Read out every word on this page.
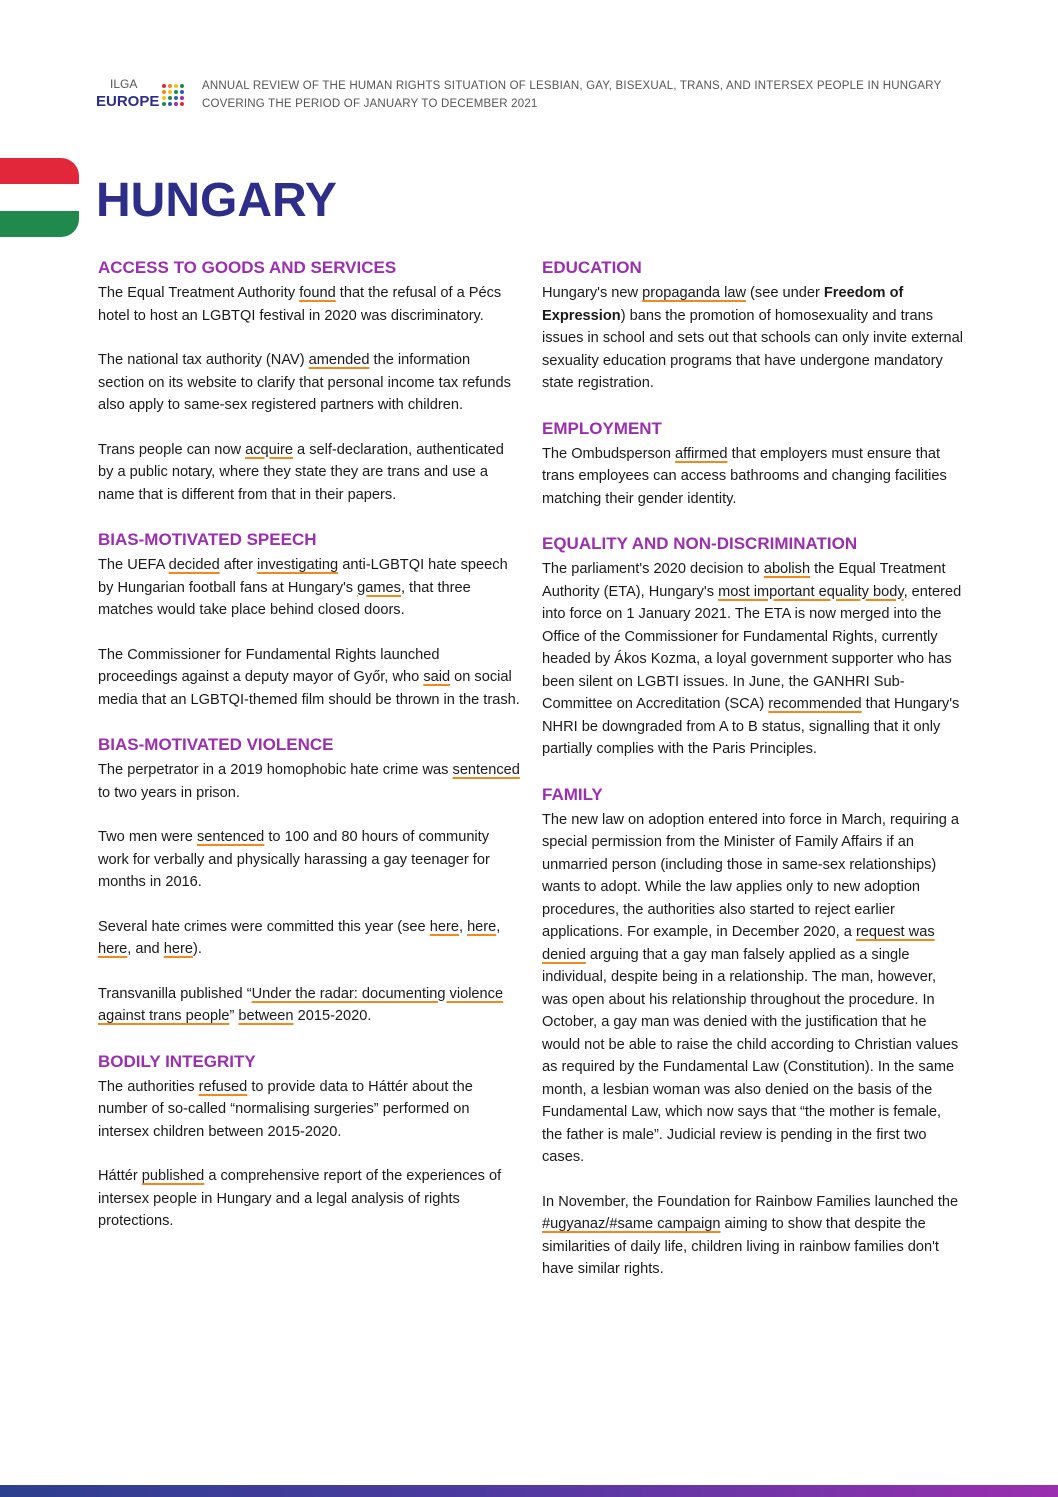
ILGA
EUROPE
ANNUAL REVIEW OF THE HUMAN RIGHTS SITUATION OF LESBIAN, GAY, BISEXUAL, TRANS, AND INTERSEX PEOPLE IN HUNGARY
COVERING THE PERIOD OF JANUARY TO DECEMBER 2021
HUNGARY
ACCESS TO GOODS AND SERVICES

The Equal Treatment Authority found that the refusal of a Pécs hotel to host an LGBTQI festival in 2020 was discriminatory.

The national tax authority (NAV) amended the information section on its website to clarify that personal income tax refunds also apply to same-sex registered partners with children.

Trans people can now acquire a self-declaration, authenticated by a public notary, where they state they are trans and use a name that is different from that in their papers.

BIAS-MOTIVATED SPEECH

The UEFA decided after investigating anti-LGBTQI hate speech by Hungarian football fans at Hungary's games, that three matches would take place behind closed doors.

The Commissioner for Fundamental Rights launched proceedings against a deputy mayor of Győr, who said on social media that an LGBTQI-themed film should be thrown in the trash.

BIAS-MOTIVATED VIOLENCE

The perpetrator in a 2019 homophobic hate crime was sentenced to two years in prison.

Two men were sentenced to 100 and 80 hours of community work for verbally and physically harassing a gay teenager for months in 2016.

Several hate crimes were committed this year (see here, here, here, and here).

Transvanilla published “Under the radar: documenting violence against trans people” between 2015-2020.

BODILY INTEGRITY

The authorities refused to provide data to Háttér about the number of so-called “normalising surgeries” performed on intersex children between 2015-2020.

Háttér published a comprehensive report of the experiences of intersex people in Hungary and a legal analysis of rights protections.

EDUCATION

Hungary's new propaganda law (see under Freedom of Expression) bans the promotion of homosexuality and trans issues in school and sets out that schools can only invite external sexuality education programs that have undergone mandatory state registration.

EMPLOYMENT

The Ombudsperson affirmed that employers must ensure that trans employees can access bathrooms and changing facilities matching their gender identity.

EQUALITY AND NON-DISCRIMINATION

The parliament's 2020 decision to abolish the Equal Treatment Authority (ETA), Hungary's most important equality body, entered into force on 1 January 2021. The ETA is now merged into the Office of the Commissioner for Fundamental Rights, currently headed by Ákos Kozma, a loyal government supporter who has been silent on LGBTI issues. In June, the GANHRI Sub-Committee on Accreditation (SCA) recommended that Hungary's NHRI be downgraded from A to B status, signalling that it only partially complies with the Paris Principles.

FAMILY

The new law on adoption entered into force in March, requiring a special permission from the Minister of Family Affairs if an unmarried person (including those in same-sex relationships) wants to adopt. While the law applies only to new adoption procedures, the authorities also started to reject earlier applications. For example, in December 2020, a request was denied arguing that a gay man falsely applied as a single individual, despite being in a relationship. The man, however, was open about his relationship throughout the procedure. In October, a gay man was denied with the justification that he would not be able to raise the child according to Christian values as required by the Fundamental Law (Constitution). In the same month, a lesbian woman was also denied on the basis of the Fundamental Law, which now says that “the mother is female, the father is male”. Judicial review is pending in the first two cases.

In November, the Foundation for Rainbow Families launched the #ugyanaz/#same campaign aiming to show that despite the similarities of daily life, children living in rainbow families don't have similar rights.
